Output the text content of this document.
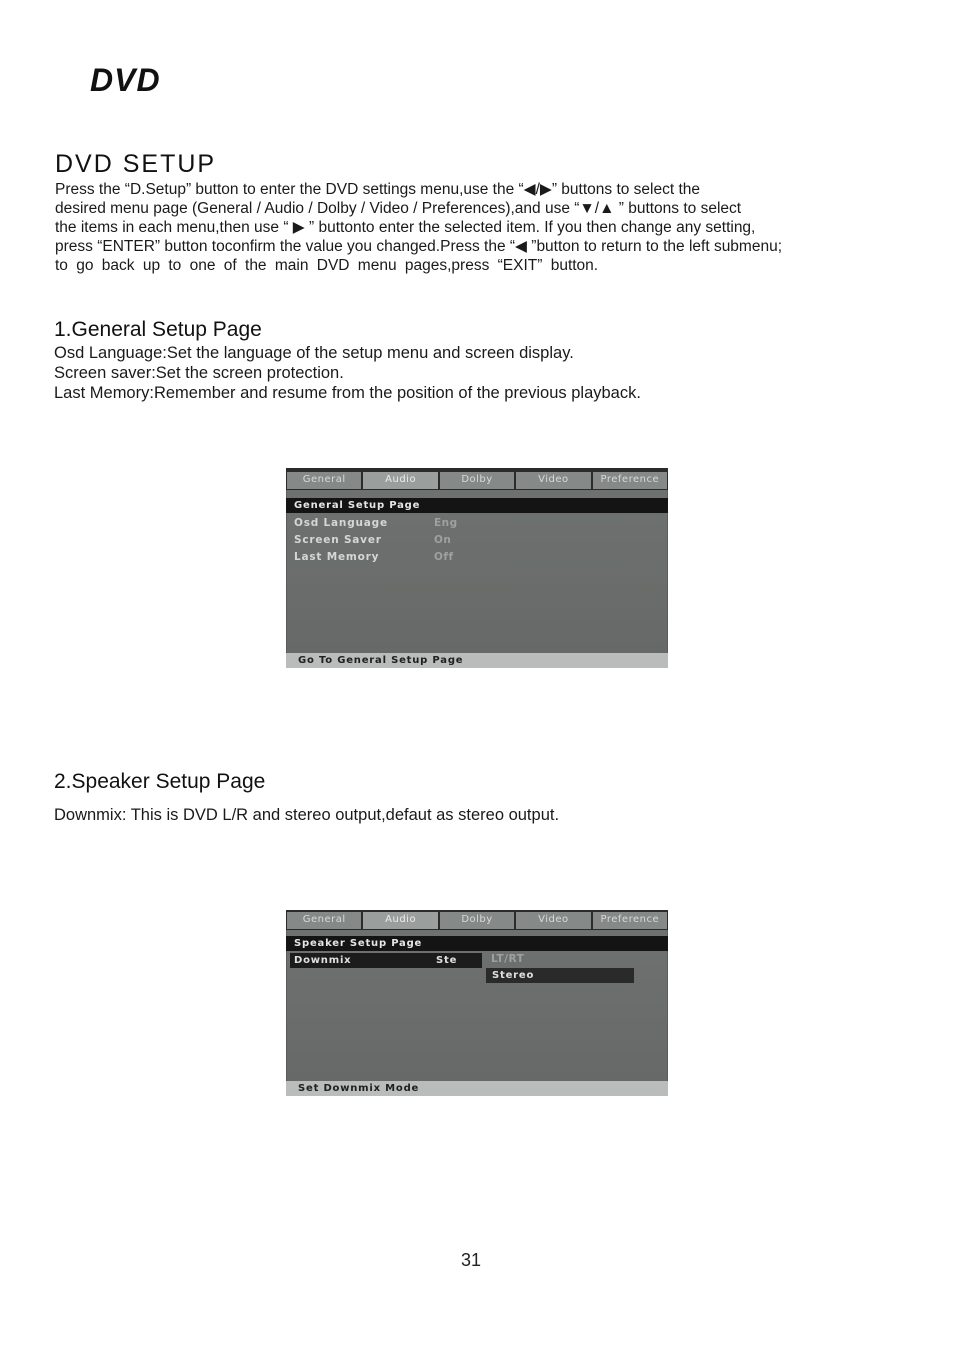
DVD
DVD SETUP

Press the “D.Setup” button to enter the DVD settings menu,use the “◀/▶” buttons to select the

desired menu page (General / Audio / Dolby / Video / Preferences),and use “▼/▲ ” buttons to select

the items in each menu,then use “ ▶ ” buttonto enter the selected item. If you then change any setting,

press “ENTER” button toconfirm the value you changed.Press the “◀ ”button to return to the left submenu;

to go back up to one of the main DVD menu pages,press “EXIT” button.

1.General Setup Page

Osd Language:Set the language of the setup menu and screen display.

Screen saver:Set the screen protection.

Last Memory:Remember and resume from the position of the previous playback.

General	Audio	Dolby	Video	Preference
General Setup Page
Osd Language	Eng
Screen Saver	On
Last Memory	Off
Go To General Setup Page
2.Speaker Setup Page

Downmix: This is DVD L/R and stereo output,defaut as stereo output.

General	Audio	Dolby	Video	Preference
Speaker Setup Page
Downmix	Ste	LT/RT
Stereo
Set Downmix Mode
31
